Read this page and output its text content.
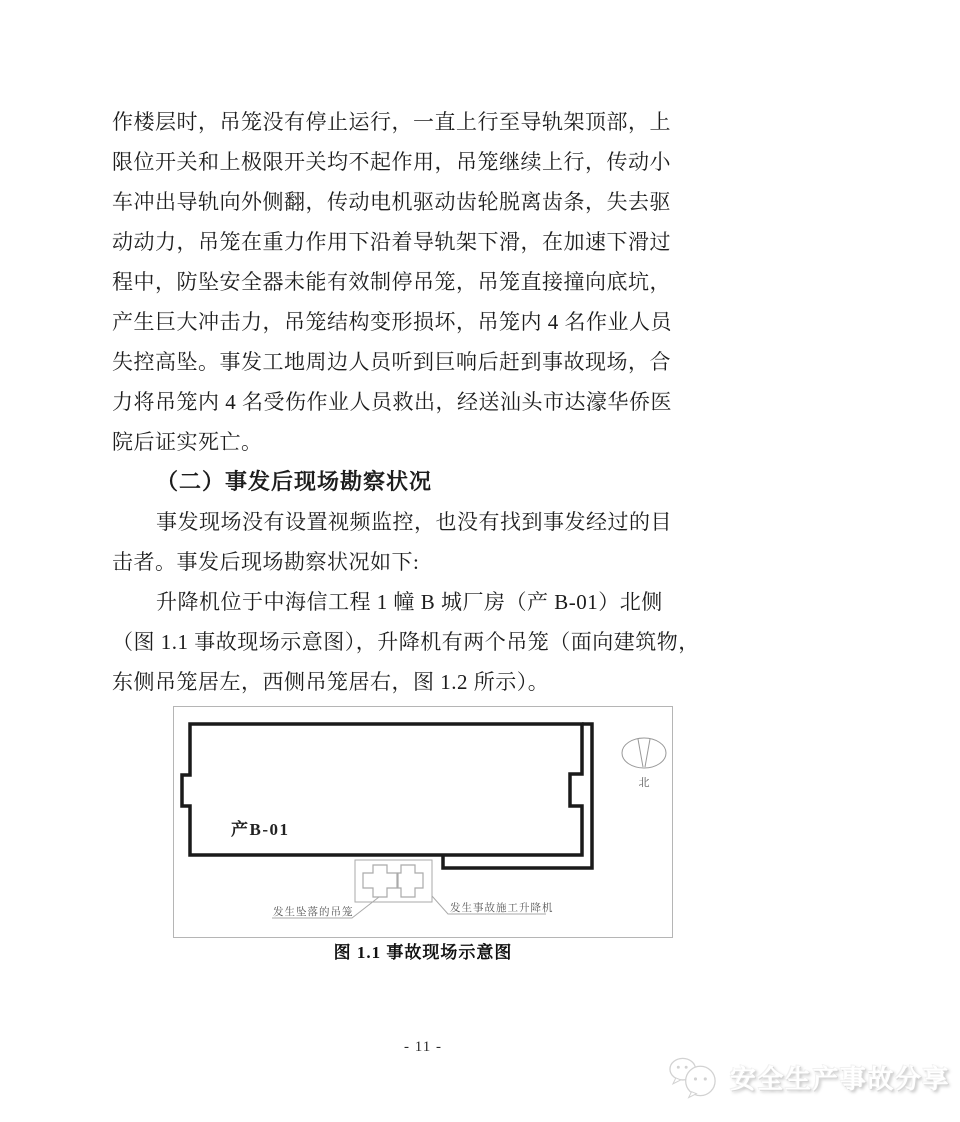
作楼层时，吊笼没有停止运行，一直上行至导轨架顶部，上
限位开关和上极限开关均不起作用，吊笼继续上行，传动小
车冲出导轨向外侧翻，传动电机驱动齿轮脱离齿条，失去驱
动动力，吊笼在重力作用下沿着导轨架下滑，在加速下滑过
程中，防坠安全器未能有效制停吊笼，吊笼直接撞向底坑，
产生巨大冲击力，吊笼结构变形损坏，吊笼内 4 名作业人员
失控高坠。事发工地周边人员听到巨响后赶到事故现场，合
力将吊笼内 4 名受伤作业人员救出，经送汕头市达濠华侨医
院后证实死亡。
（二）事发后现场勘察状况
事发现场没有设置视频监控，也没有找到事发经过的目
击者。事发后现场勘察状况如下:
升降机位于中海信工程 1 幢 B 城厂房（产 B-01）北侧
（图 1.1 事故现场示意图），升降机有两个吊笼（面向建筑物，
东侧吊笼居左，西侧吊笼居右，图 1.2 所示）。
产B-01
北
发生坠落的吊笼	发生事故施工升降机
图 1.1 事故现场示意图
- 11 -
安全生产事故分享
